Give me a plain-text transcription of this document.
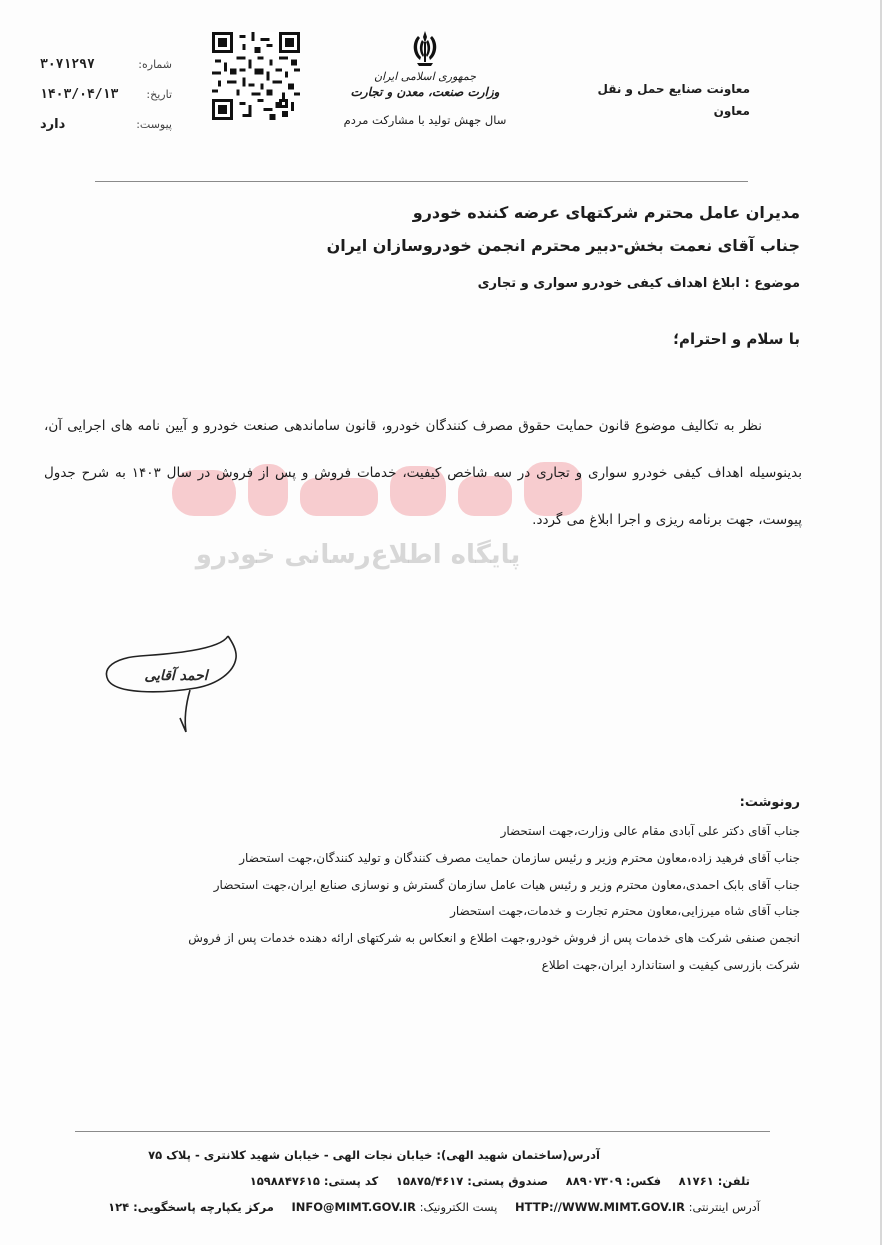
معاونت صنایع حمل و نقل
معاون
جمهوری اسلامی ایران
وزارت صنعت، معدن و تجارت
سال جهش تولید با مشارکت مردم
شماره:
۳۰۷۱۲۹۷
تاریخ:
۱۴۰۳/۰۴/۱۳
پیوست:
دارد
مدیران عامل محترم شرکتهای عرضه کننده خودرو
جناب آقای نعمت بخش-دبیر محترم انجمن خودروسازان ایران
موضوع : ابلاغ اهداف کیفی خودرو سواری و تجاری
با سلام و احترام؛
پایگاه اطلاع‌رسانی خودرو

نظر به تکالیف موضوع قانون حمایت حقوق مصرف کنندگان خودرو، قانون ساماندهی صنعت خودرو و آیین نامه های اجرایی آن، بدینوسیله اهداف کیفی خودرو سواری و تجاری در سه شاخص کیفیت، خدمات فروش و پس از فروش در سال ۱۴۰۳ به شرح جدول پیوست، جهت برنامه ریزی و اجرا ابلاغ می گردد.

احمد آقایی
رونوشت:
جناب آقای دکتر علی آبادی مقام عالی وزارت،جهت استحضار
جناب آقای فرهید زاده،معاون محترم وزیر و رئیس سازمان حمایت مصرف کنندگان و تولید کنندگان،جهت استحضار
جناب آقای بابک احمدی،معاون محترم وزیر و رئیس هیات عامل سازمان گسترش و نوسازی صنایع ایران،جهت استحضار
جناب آقای شاه میرزایی،معاون محترم تجارت و خدمات،جهت استحضار
انجمن صنفی شرکت های خدمات پس از فروش خودرو،جهت اطلاع و انعکاس به شرکتهای ارائه دهنده خدمات پس از فروش
شرکت بازرسی کیفیت و استاندارد ایران،جهت اطلاع
آدرس(ساختمان شهید الهی): خیابان نجات الهی - خیابان شهید کلانتری - پلاک ۷۵
تلفن: ۸۱۷۶۱ فکس: ۸۸۹۰۷۳۰۹ صندوق پستی: ۱۵۸۷۵/۴۶۱۷ کد پستی: ۱۵۹۸۸۴۷۶۱۵
آدرس اینترنتی: HTTP://WWW.MIMT.GOV.IR پست الکترونیک: INFO@MIMT.GOV.IR مرکز یکپارچه پاسخگویی: ۱۲۴
